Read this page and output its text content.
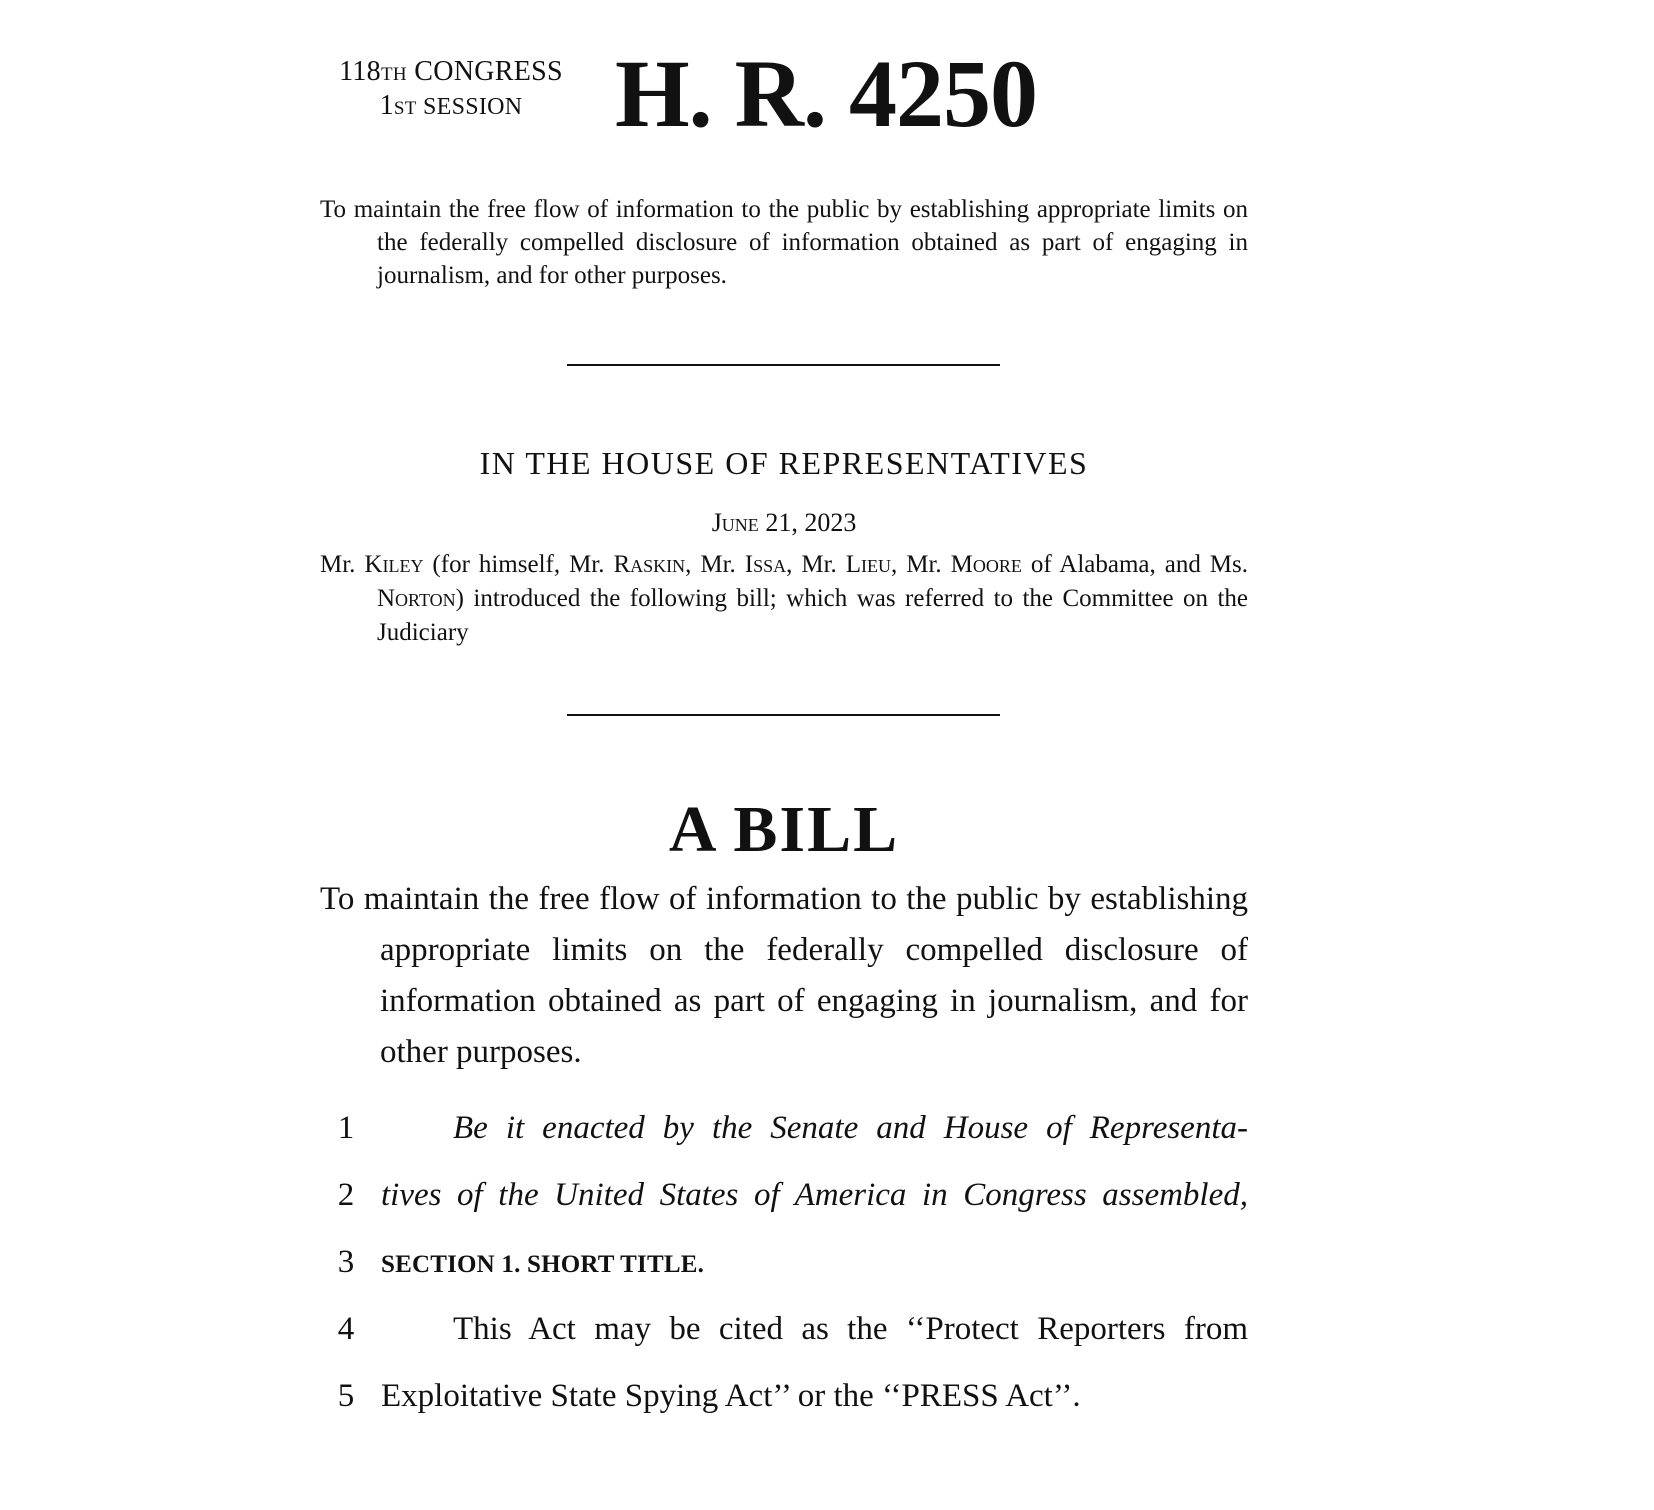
118TH CONGRESS
1ST SESSION H. R. 4250
To maintain the free flow of information to the public by establishing appropriate limits on the federally compelled disclosure of information obtained as part of engaging in journalism, and for other purposes.
IN THE HOUSE OF REPRESENTATIVES
June 21, 2023
Mr. Kiley (for himself, Mr. Raskin, Mr. Issa, Mr. Lieu, Mr. Moore of Alabama, and Ms. Norton) introduced the following bill; which was referred to the Committee on the Judiciary
A BILL
To maintain the free flow of information to the public by establishing appropriate limits on the federally compelled disclosure of information obtained as part of engaging in journalism, and for other purposes.
1	Be it enacted by the Senate and House of Representa-
2 tives of the United States of America in Congress assembled,
3	SECTION 1. SHORT TITLE.
4	This Act may be cited as the ‘‘Protect Reporters from
5 Exploitative State Spying Act’’ or the ‘‘PRESS Act’’.
